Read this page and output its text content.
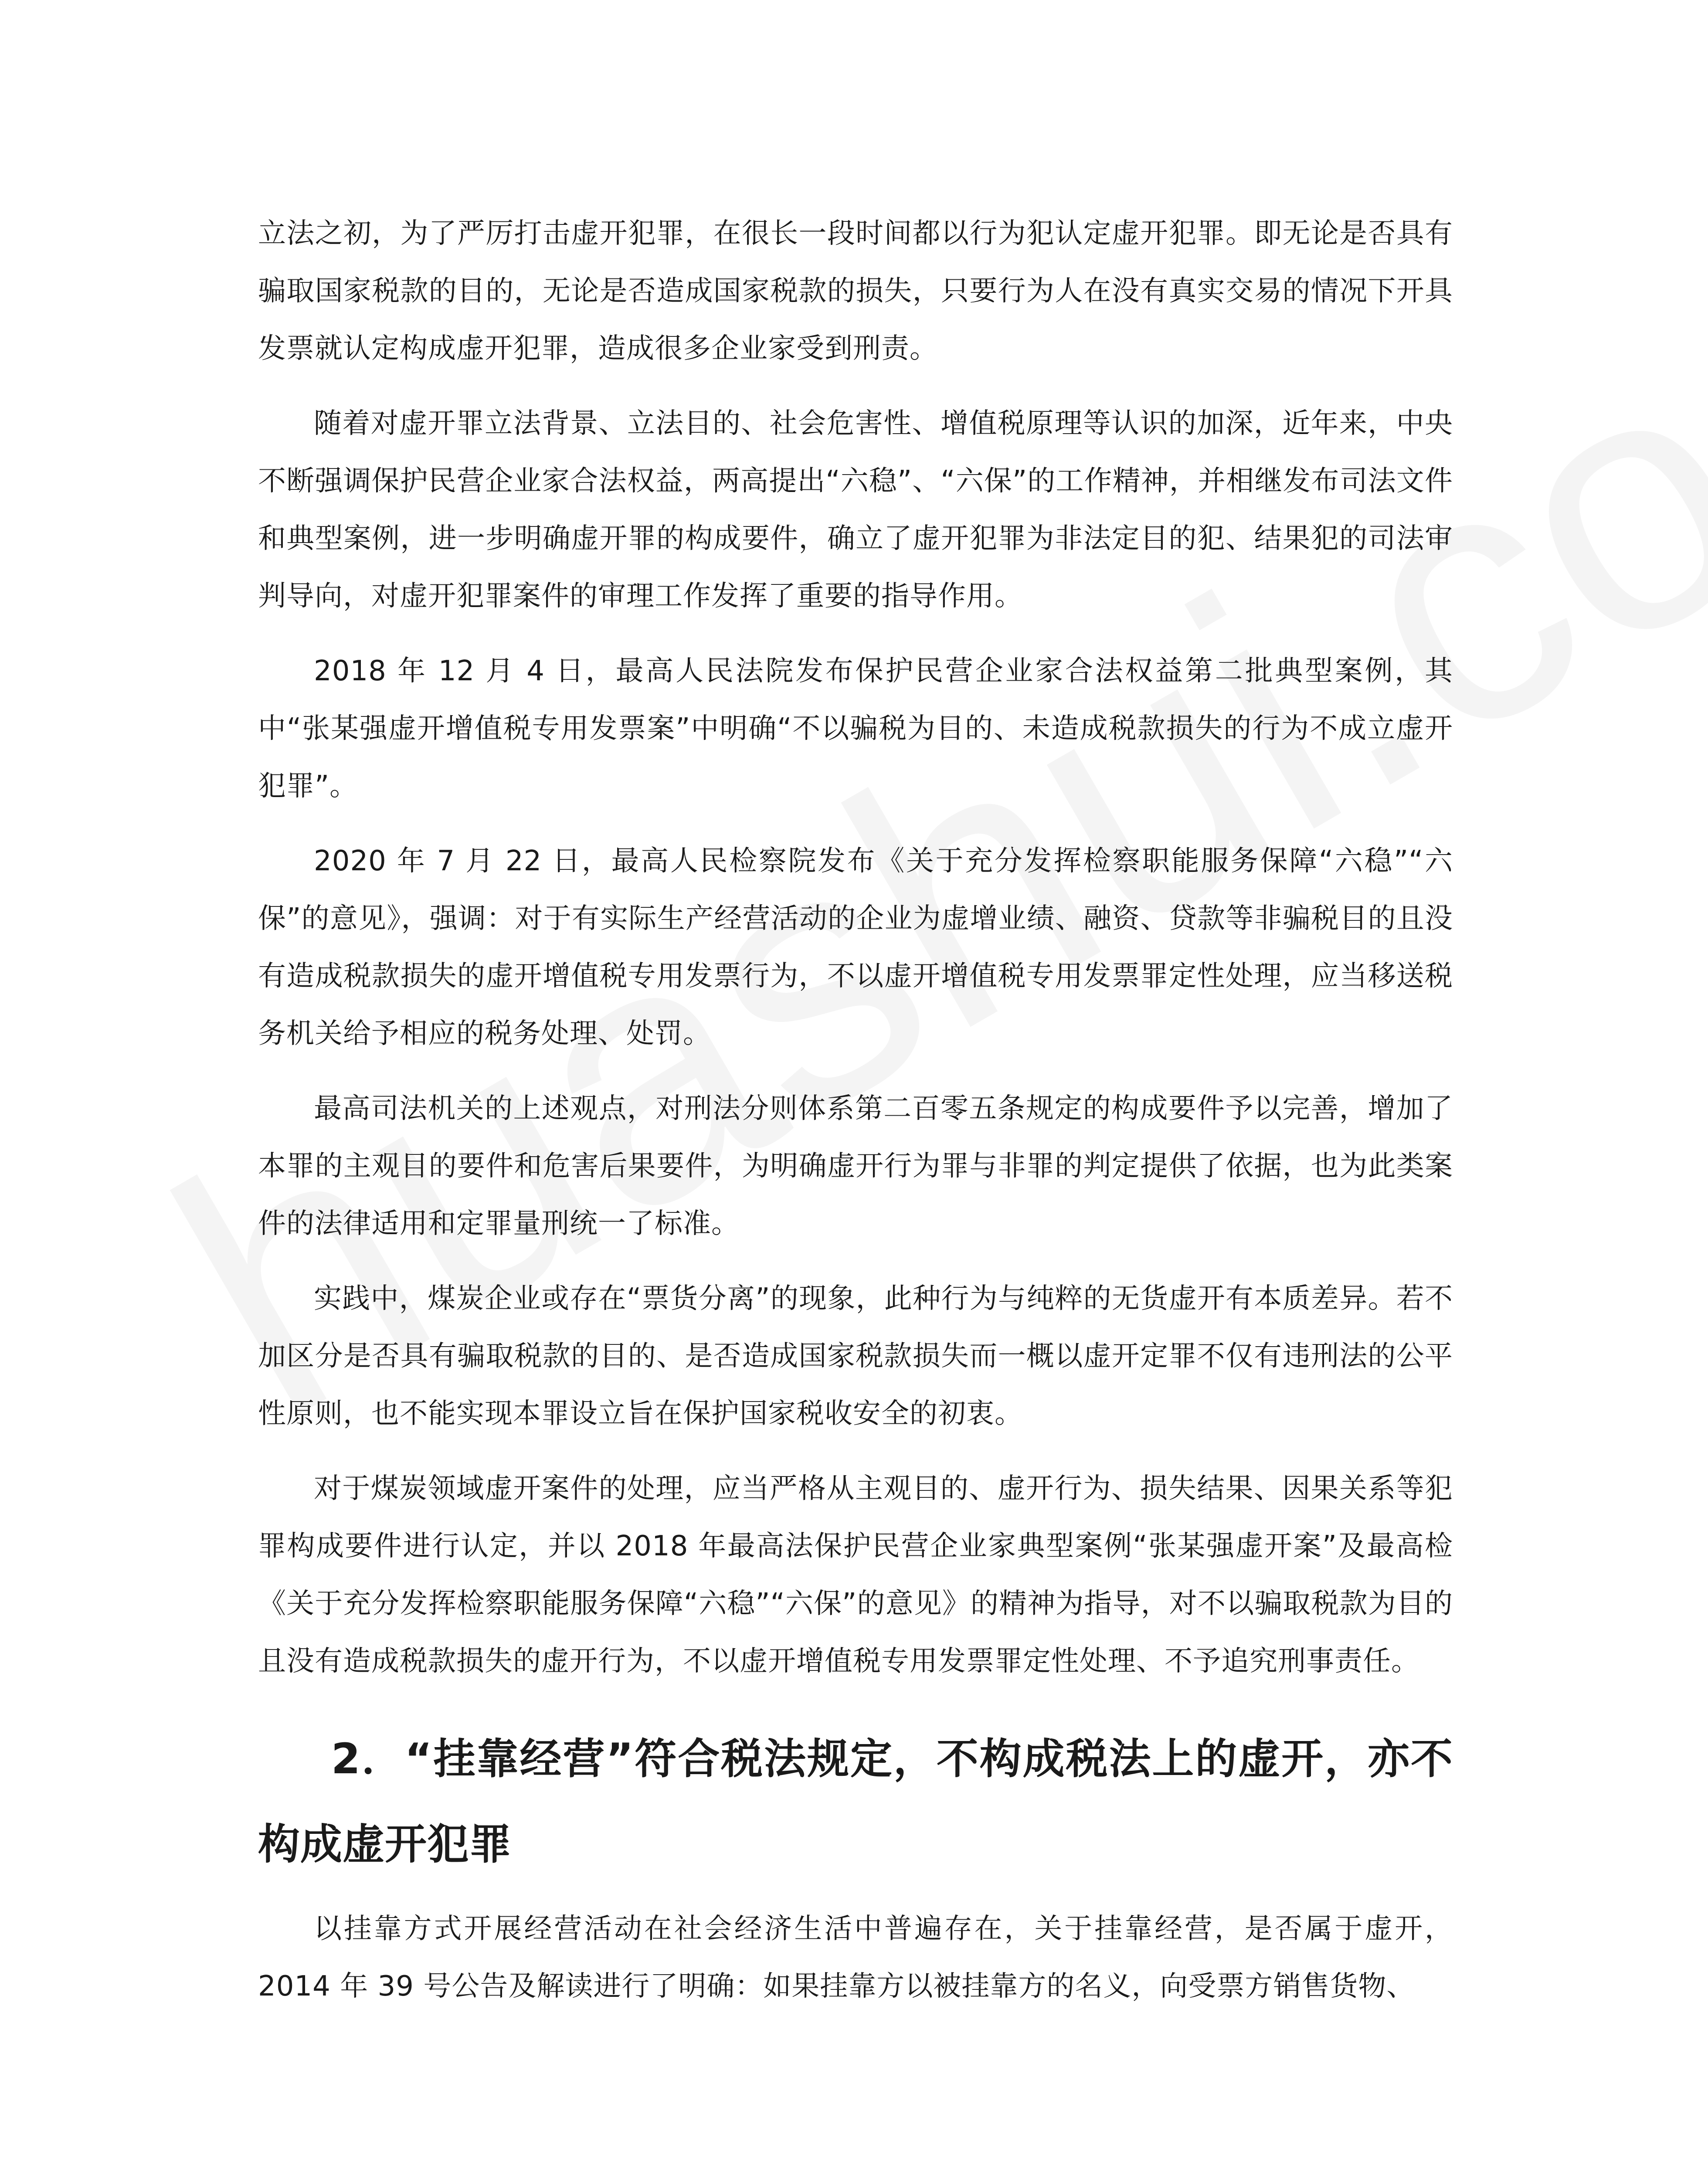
立法之初，为了严厉打击虚开犯罪，在很长一段时间都以行为犯认定虚开犯罪。即无论是否具有骗取国家税款的目的，无论是否造成国家税款的损失，只要行为人在没有真实交易的情况下开具发票就认定构成虚开犯罪，造成很多企业家受到刑责。

随着对虚开罪立法背景、立法目的、社会危害性、增值税原理等认识的加深，近年来，中央不断强调保护民营企业家合法权益，两高提出“六稳”、“六保”的工作精神，并相继发布司法文件和典型案例，进一步明确虚开罪的构成要件，确立了虚开犯罪为非法定目的犯、结果犯的司法审判导向，对虚开犯罪案件的审理工作发挥了重要的指导作用。

2018 年 12 月 4 日，最高人民法院发布保护民营企业家合法权益第二批典型案例，其中“张某强虚开增值税专用发票案”中明确“不以骗税为目的、未造成税款损失的行为不成立虚开犯罪”。

2020 年 7 月 22 日，最高人民检察院发布《关于充分发挥检察职能服务保障“六稳”“六保”的意见》，强调：对于有实际生产经营活动的企业为虚增业绩、融资、贷款等非骗税目的且没有造成税款损失的虚开增值税专用发票行为，不以虚开增值税专用发票罪定性处理，应当移送税务机关给予相应的税务处理、处罚。

最高司法机关的上述观点，对刑法分则体系第二百零五条规定的构成要件予以完善，增加了本罪的主观目的要件和危害后果要件，为明确虚开行为罪与非罪的判定提供了依据，也为此类案件的法律适用和定罪量刑统一了标准。

实践中，煤炭企业或存在“票货分离”的现象，此种行为与纯粹的无货虚开有本质差异。若不加区分是否具有骗取税款的目的、是否造成国家税款损失而一概以虚开定罪不仅有违刑法的公平性原则，也不能实现本罪设立旨在保护国家税收安全的初衷。

对于煤炭领域虚开案件的处理，应当严格从主观目的、虚开行为、损失结果、因果关系等犯罪构成要件进行认定，并以 2018 年最高法保护民营企业家典型案例“张某强虚开案”及最高检《关于充分发挥检察职能服务保障“六稳”“六保”的意见》的精神为指导，对不以骗取税款为目的且没有造成税款损失的虚开行为，不以虚开增值税专用发票罪定性处理、不予追究刑事责任。

2．“挂靠经营”符合税法规定，不构成税法上的虚开，亦不构成虚开犯罪

以挂靠方式开展经营活动在社会经济生活中普遍存在，关于挂靠经营，是否属于虚开，2014 年 39 号公告及解读进行了明确：如果挂靠方以被挂靠方的名义，向受票方销售货物、
